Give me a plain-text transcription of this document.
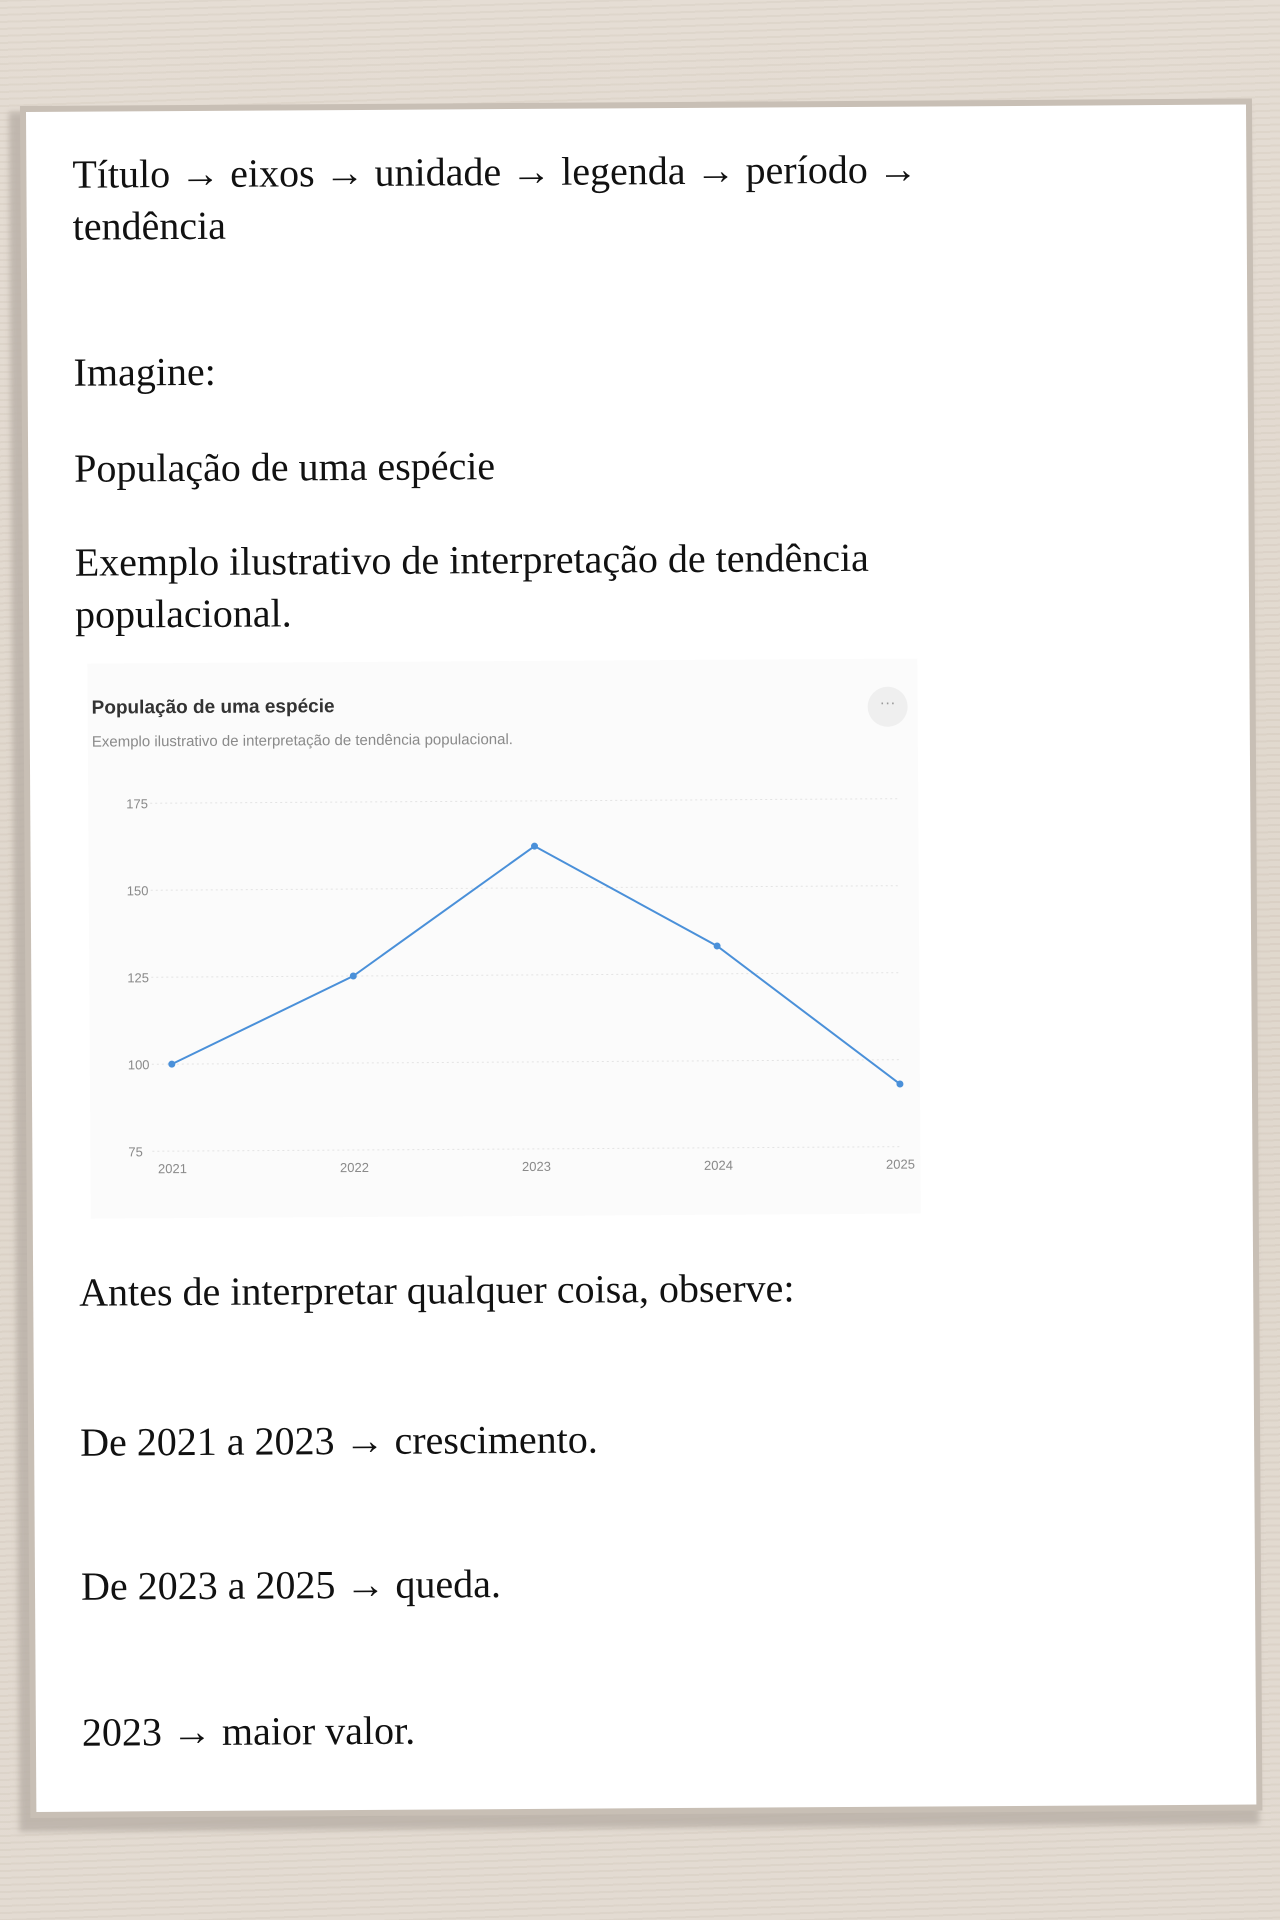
Título → eixos → unidade → legenda → período →

tendência

Imagine:

População de uma espécie

Exemplo ilustrativo de interpretação de tendência

populacional.

População de uma espécie
Exemplo ilustrativo de interpretação de tendência populacional.
···
75
100
125
150
175
2021	2022	2023	2024	2025

Antes de interpretar qualquer coisa, observe:

De 2021 a 2023 → crescimento.

De 2023 a 2025 → queda.

2023 → maior valor.
